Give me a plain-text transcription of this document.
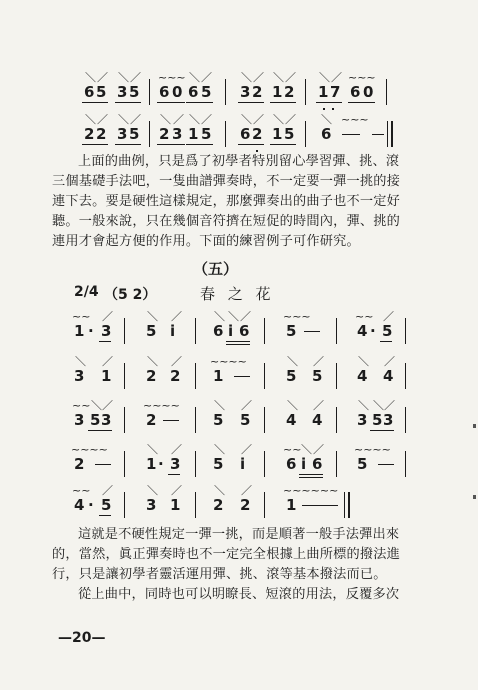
6 5 3 5 6 0 6 5 3 2 1 2 1 7 6 0
＼ ／ ＼ ／ ~~~ ＼ ／	＼ ／ ＼ ／ ＼ ／ ~~~
2 2 3 5 2 3 1 5 6 2 1 5 6
＼ ／ ＼ ／ ＼ ／ ＼ ／	＼ ／ ＼ ／ ＼ ~~~
上面的曲例，只是爲了初學者特別留心學習彈、挑、滾
三個基礎手法吧，一隻曲譜彈奏時，不一定要一彈一挑的接
連下去。要是硬性這樣規定，那麼彈奏出的曲子也不一定好
聽。一般來說，只在幾個音符擠在短促的時間內，彈、挑的
連用才會起方便的作用。下面的練習例子可作研究。
（五）
2/4 （5 2）	春 之 花
1 · 3 5 i	6 i 6 5	4 · 5
~~ ／	＼ ／	＼ ＼ ／	~~~	~~ ／
3 1 2 2 1	5 5 4 4
＼ ／	＼ ／	~~~~	＼ ／	＼ ／
3 5 3 2	5 5 4 4 3 5 3
~~ ＼ ／	~~~~	＼ ／	＼ ／	＼ ＼ ／
2	1 · 3 5 i	6 i 6 5
~~~~	＼ ／	＼ ／	~~ ＼ ／	~~~~
4 · 5 3 1 2 2 1
~~ ／	＼ ／	＼ ／	~~~~~~
這就是不硬性規定一彈一挑，而是順著一般手法彈出來
的，當然，眞正彈奏時也不一定完全根據上曲所標的撥法進
行，只是讓初學者靈活運用彈、挑、滾等基本撥法而已。
從上曲中，同時也可以明瞭長、短滾的用法，反覆多次
—20—
